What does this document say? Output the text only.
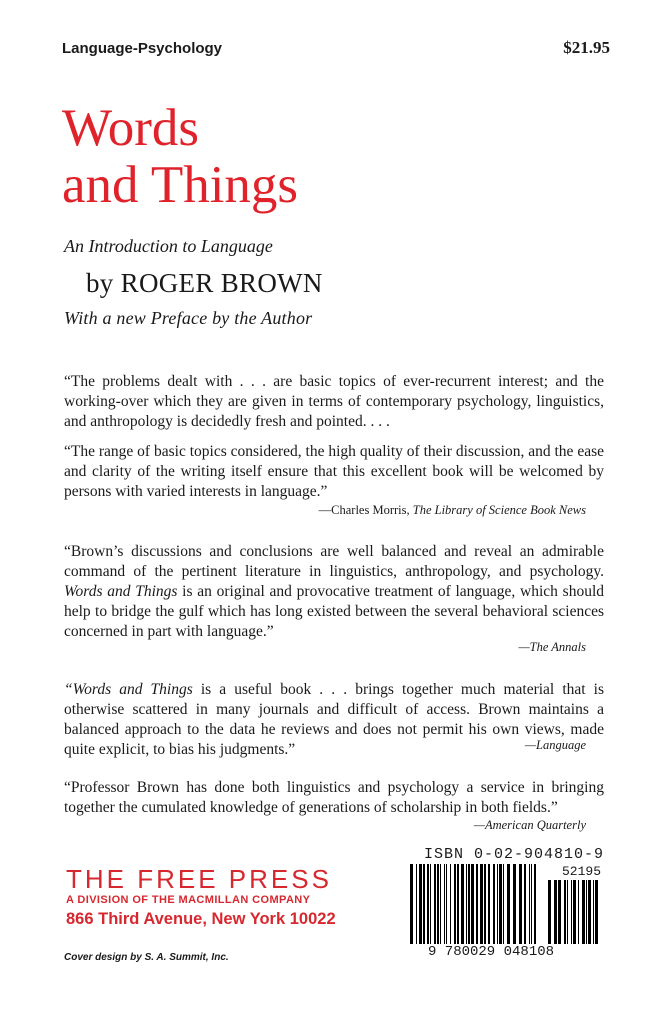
Language-Psychology	$21.95
Words
and Things
An Introduction to Language
by ROGER BROWN
With a new Preface by the Author
“The problems dealt with . . . are basic topics of ever-recurrent interest; and the working-over which they are given in terms of contemporary psychology, linguistics, and anthropology is decidedly fresh and pointed. . . .
“The range of basic topics considered, the high quality of their discussion, and the ease and clarity of the writing itself ensure that this excellent book will be welcomed by persons with varied interests in language.”
—Charles Morris, The Library of Science Book News
“Brown’s discussions and conclusions are well balanced and reveal an admirable command of the pertinent literature in linguistics, anthropology, and psychology. Words and Things is an original and provocative treatment of language, which should help to bridge the gulf which has long existed between the several behavioral sciences concerned in part with language.”
—The Annals
“Words and Things is a useful book . . . brings together much material that is otherwise scattered in many journals and difficult of access. Brown maintains a balanced approach to the data he reviews and does not permit his own views, made quite explicit, to bias his judgments.”	—Language
“Professor Brown has done both linguistics and psychology a service in bringing together the cumulated knowledge of generations of scholarship in both fields.”
—American Quarterly
THE FREE PRESS
A DIVISION OF THE MACMILLAN COMPANY
866 Third Avenue, New York 10022
Cover design by S. A. Summit, Inc.
ISBN 0-02-904810-9
52195
9 780029 048108
